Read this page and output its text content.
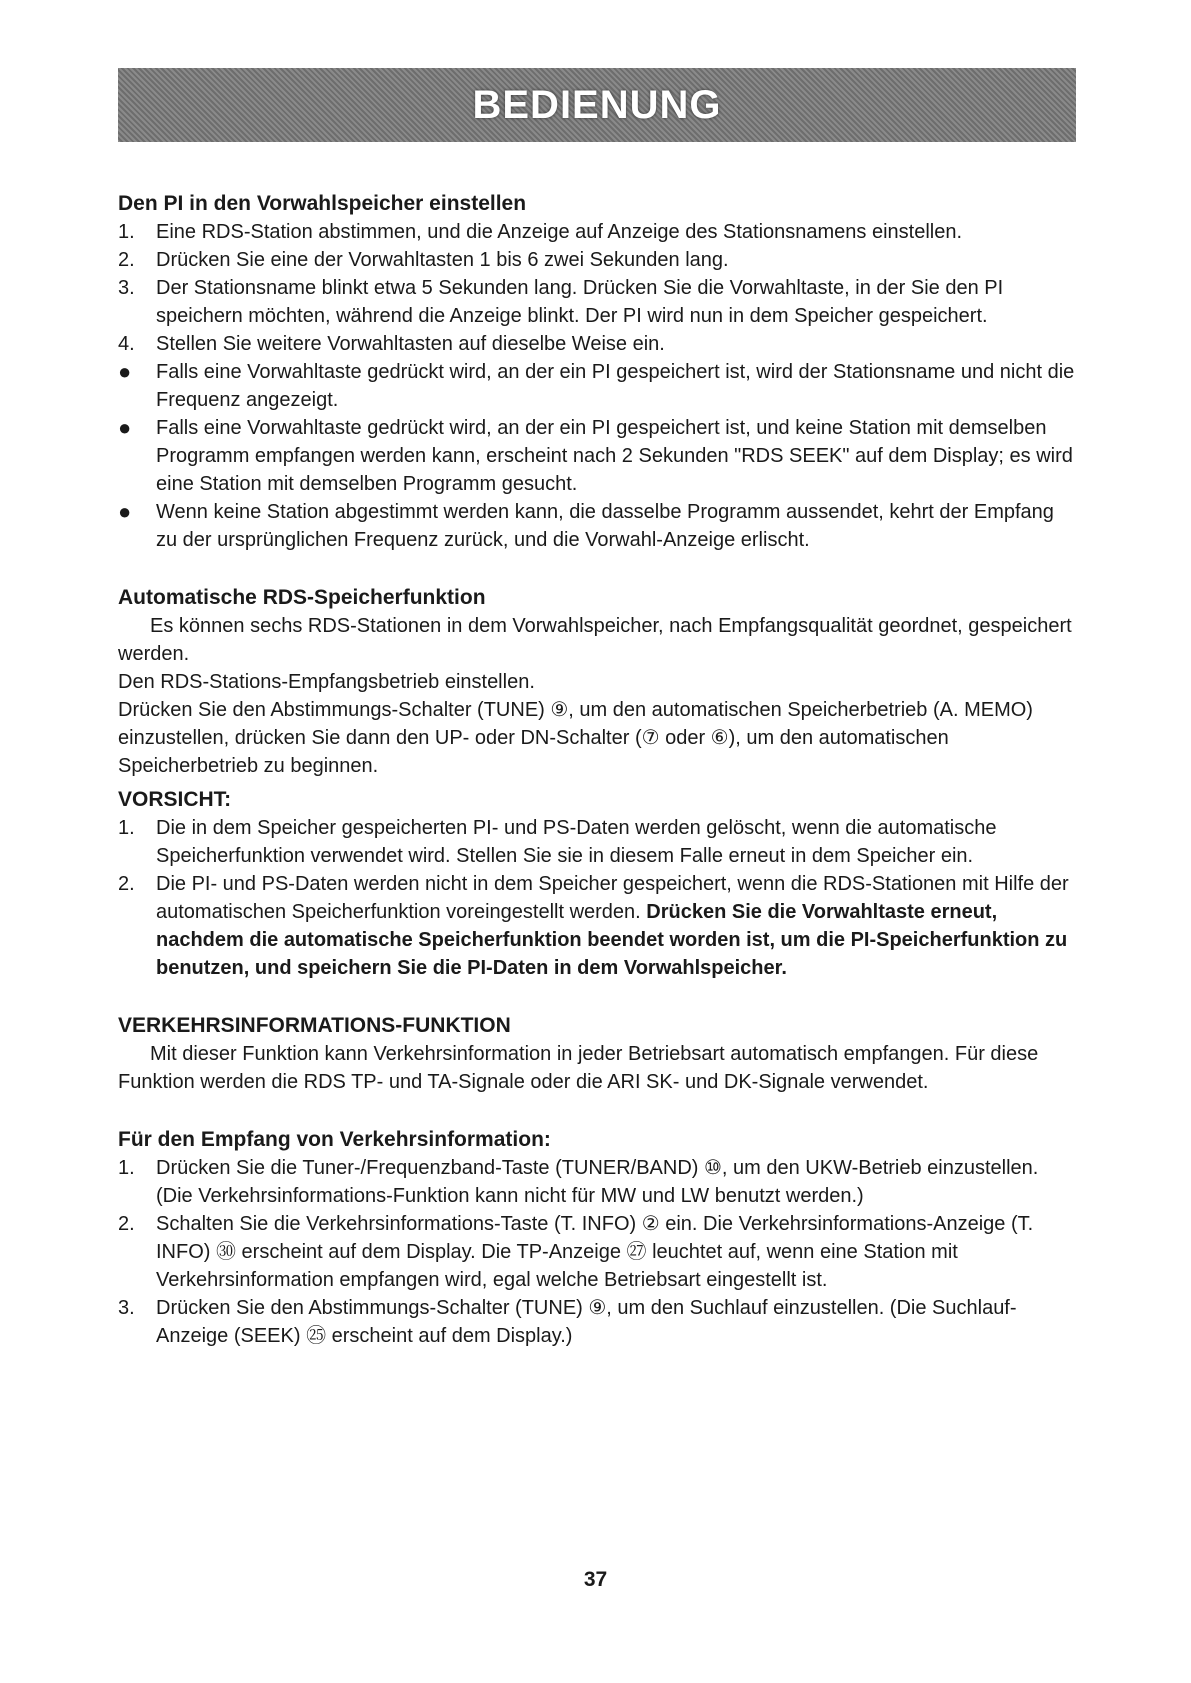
BEDIENUNG
Den PI in den Vorwahlspeicher einstellen
1.	Eine RDS-Station abstimmen, und die Anzeige auf Anzeige des Stationsnamens einstellen.
2.	Drücken Sie eine der Vorwahltasten 1 bis 6 zwei Sekunden lang.
3.	Der Stationsname blinkt etwa 5 Sekunden lang. Drücken Sie die Vorwahltaste, in der Sie den PI speichern möchten, während die Anzeige blinkt. Der PI wird nun in dem Speicher gespeichert.
4.	Stellen Sie weitere Vorwahltasten auf dieselbe Weise ein.
●	Falls eine Vorwahltaste gedrückt wird, an der ein PI gespeichert ist, wird der Stationsname und nicht die Frequenz angezeigt.
●	Falls eine Vorwahltaste gedrückt wird, an der ein PI gespeichert ist, und keine Station mit demselben Programm empfangen werden kann, erscheint nach 2 Sekunden "RDS SEEK" auf dem Display; es wird eine Station mit demselben Programm gesucht.
●	Wenn keine Station abgestimmt werden kann, die dasselbe Programm aussendet, kehrt der Empfang zu der ursprünglichen Frequenz zurück, und die Vorwahl-Anzeige erlischt.
Automatische RDS-Speicherfunktion

Es können sechs RDS-Stationen in dem Vorwahlspeicher, nach Empfangsqualität geordnet, gespeichert werden.

Den RDS-Stations-Empfangsbetrieb einstellen.

Drücken Sie den Abstimmungs-Schalter (TUNE) ⑨, um den automatischen Speicherbetrieb (A. MEMO) einzustellen, drücken Sie dann den UP- oder DN-Schalter (⑦ oder ⑥), um den automatischen Speicherbetrieb zu beginnen.

VORSICHT:
1.	Die in dem Speicher gespeicherten PI- und PS-Daten werden gelöscht, wenn die automatische Speicherfunktion verwendet wird. Stellen Sie sie in diesem Falle erneut in dem Speicher ein.
2.	Die PI- und PS-Daten werden nicht in dem Speicher gespeichert, wenn die RDS-Stationen mit Hilfe der automatischen Speicherfunktion voreingestellt werden. Drücken Sie die Vorwahltaste erneut, nachdem die automatische Speicherfunktion beendet worden ist, um die PI-Speicherfunktion zu benutzen, und speichern Sie die PI-Daten in dem Vorwahlspeicher.
VERKEHRSINFORMATIONS-FUNKTION

Mit dieser Funktion kann Verkehrsinformation in jeder Betriebsart automatisch empfangen. Für diese Funktion werden die RDS TP- und TA-Signale oder die ARI SK- und DK-Signale verwendet.

Für den Empfang von Verkehrsinformation:
1.	Drücken Sie die Tuner-/Frequenzband-Taste (TUNER/BAND) ⑩, um den UKW-Betrieb einzustellen. (Die Verkehrsinformations-Funktion kann nicht für MW und LW benutzt werden.)
2.	Schalten Sie die Verkehrsinformations-Taste (T. INFO) ② ein. Die Verkehrsinformations-Anzeige (T. INFO) ㉚ erscheint auf dem Display. Die TP-Anzeige ㉗ leuchtet auf, wenn eine Station mit Verkehrsinformation empfangen wird, egal welche Betriebsart eingestellt ist.
3.	Drücken Sie den Abstimmungs-Schalter (TUNE) ⑨, um den Suchlauf einzustellen. (Die Suchlauf-Anzeige (SEEK) ㉕ erscheint auf dem Display.)
37
